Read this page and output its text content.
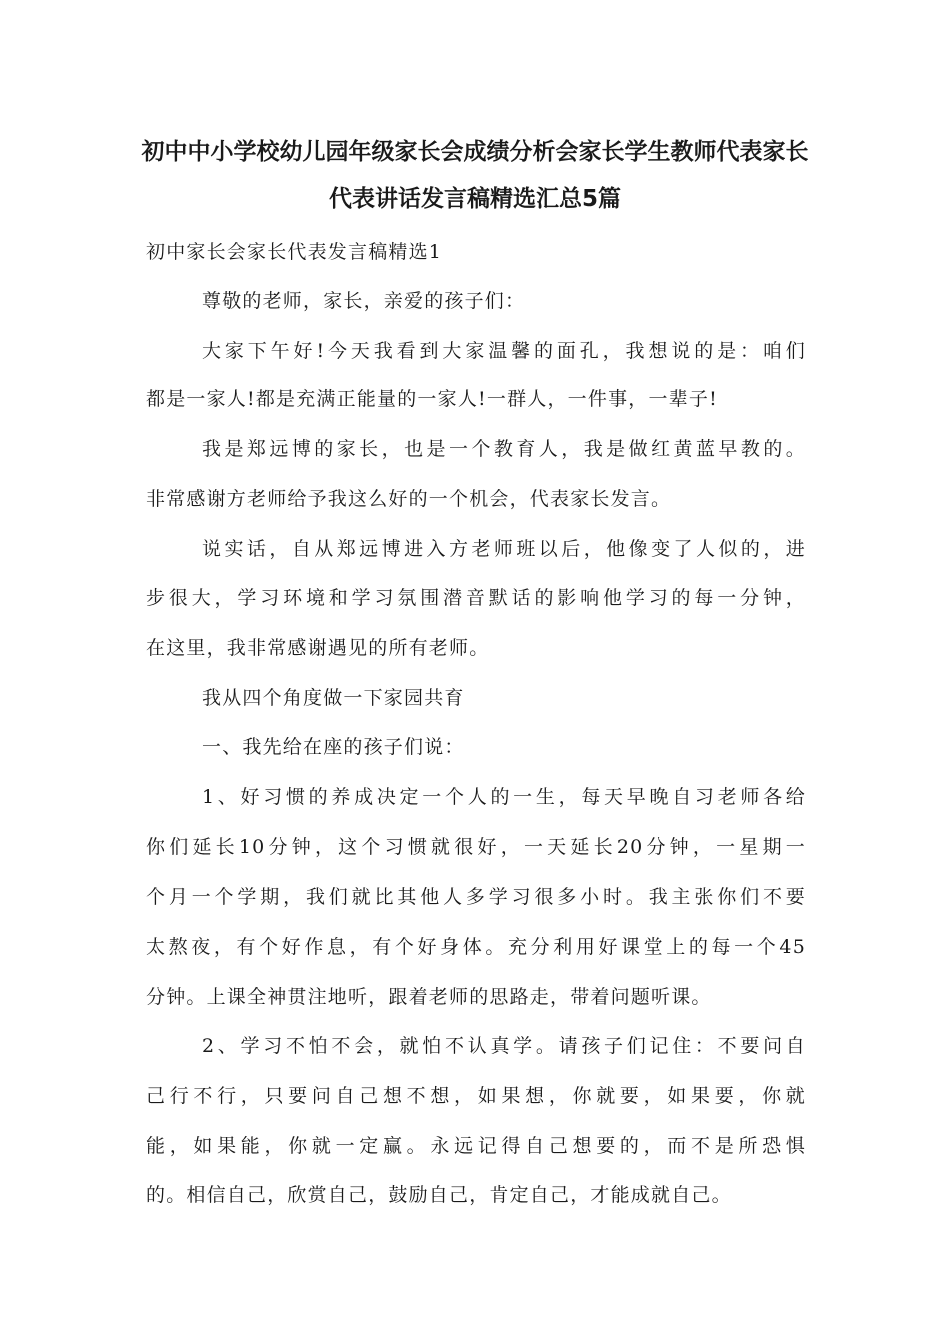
初中中小学校幼儿园年级家长会成绩分析会家长学生教师代表家长
代表讲话发言稿精选汇总5篇
初中家长会家长代表发言稿精选1
尊敬的老师，家长，亲爱的孩子们：
大家下午好!今天我看到大家温馨的面孔，我想说的是：咱们
都是一家人!都是充满正能量的一家人!一群人，一件事，一辈子!
我是郑远博的家长，也是一个教育人，我是做红黄蓝早教的。
非常感谢方老师给予我这么好的一个机会，代表家长发言。
说实话，自从郑远博进入方老师班以后，他像变了人似的，进
步很大，学习环境和学习氛围潜音默话的影响他学习的每一分钟，
在这里，我非常感谢遇见的所有老师。
我从四个角度做一下家园共育
一、我先给在座的孩子们说：
1、好习惯的养成决定一个人的一生，每天早晚自习老师各给
你们延长10分钟，这个习惯就很好，一天延长20分钟，一星期一
个月一个学期，我们就比其他人多学习很多小时。我主张你们不要
太熬夜，有个好作息，有个好身体。充分利用好课堂上的每一个45
分钟。上课全神贯注地听，跟着老师的思路走，带着问题听课。
2、学习不怕不会，就怕不认真学。请孩子们记住：不要问自
己行不行，只要问自己想不想，如果想，你就要，如果要，你就
能，如果能，你就一定赢。永远记得自己想要的，而不是所恐惧
的。相信自己，欣赏自己，鼓励自己，肯定自己，才能成就自己。
